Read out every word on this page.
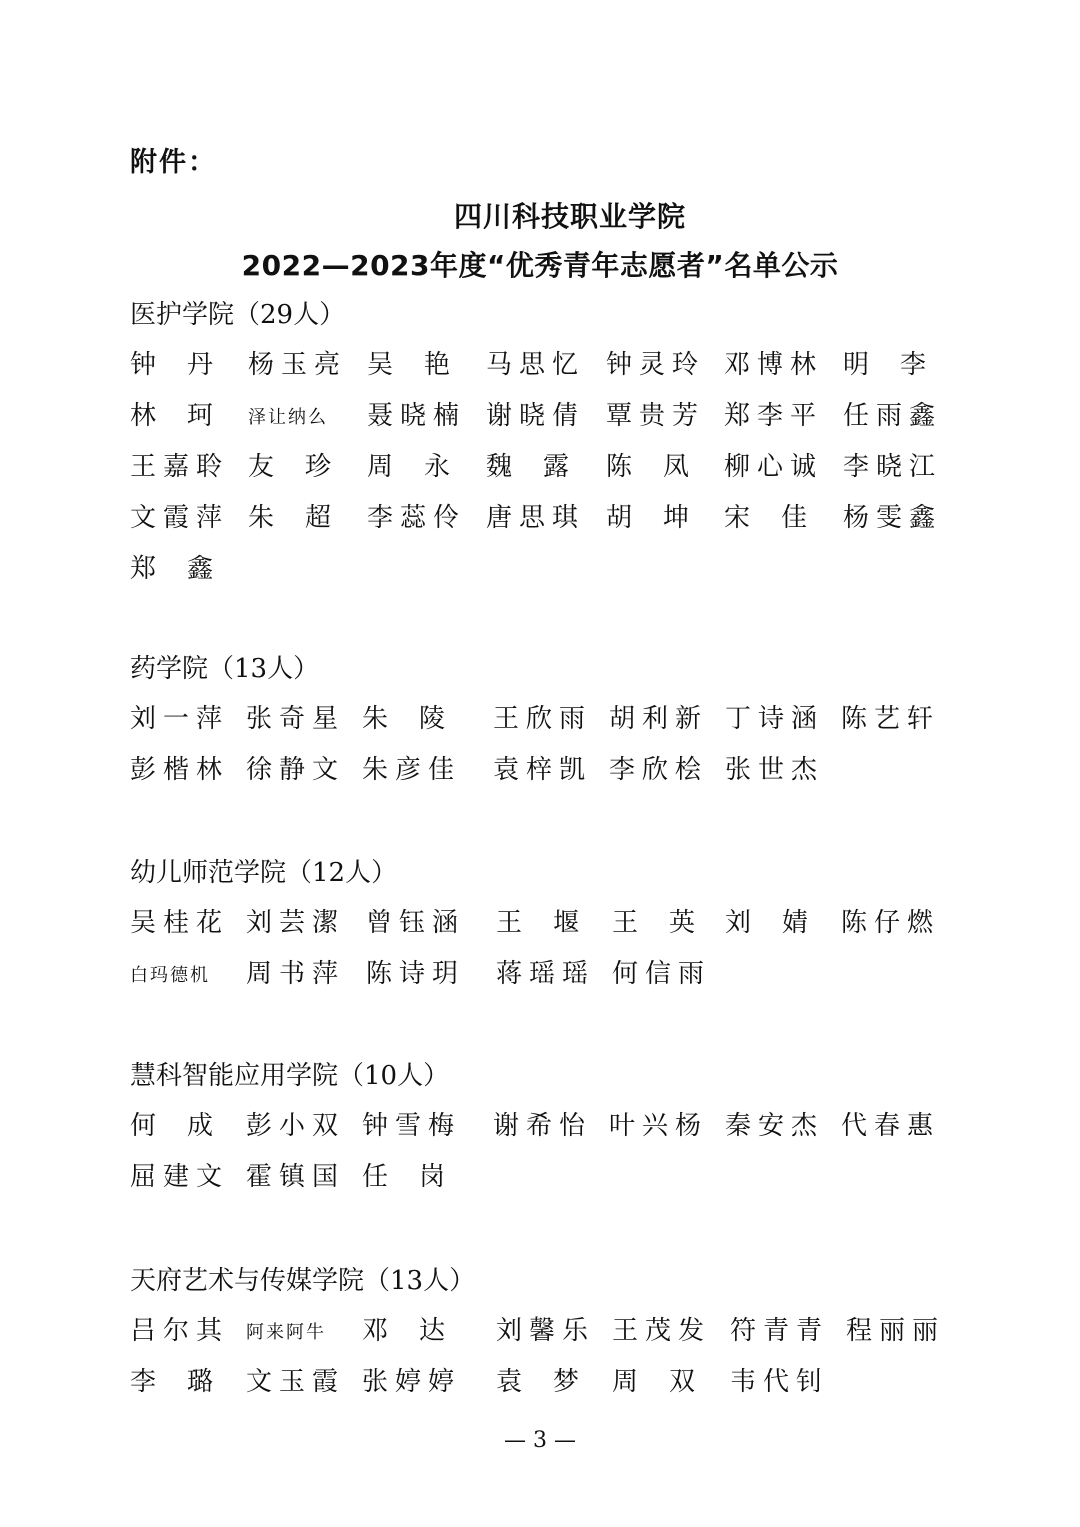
附件：
四川科技职业学院
2022—2023年度“优秀青年志愿者”名单公示
医护学院（29人）
钟丹 杨玉亮 吴艳 马思忆 钟灵玲 邓博林 明李
林珂 泽让纳么 聂晓楠 谢晓倩 覃贵芳 郑李平 任雨鑫
王嘉聆 友珍 周永 魏露 陈凤 柳心诚 李晓江
文霞萍 朱超 李蕊伶 唐思琪 胡坤 宋佳 杨雯鑫
郑鑫
药学院（13人）
刘一萍 张奇星 朱陵 王欣雨 胡利新 丁诗涵 陈艺轩
彭楷林 徐静文 朱彦佳 袁梓凯 李欣桧 张世杰
幼儿师范学院（12人）
吴桂花 刘芸潔 曾钰涵 王堰 王英
刘婧 陈仔燃
白玛德机 周书萍 陈诗玥 蒋瑶瑶 何信雨
慧科智能应用学院（10人）
何成 彭小双 钟雪梅 谢希怡 叶兴杨 秦安杰 代春惠
屈建文 霍镇国 任岗
天府艺术与传媒学院（13人）
吕尔其 阿来阿牛 邓达 刘馨乐 王茂发 符青青 程丽丽
李璐 文玉霞 张婷婷 袁梦 周双 韦代钊
— 3 —
